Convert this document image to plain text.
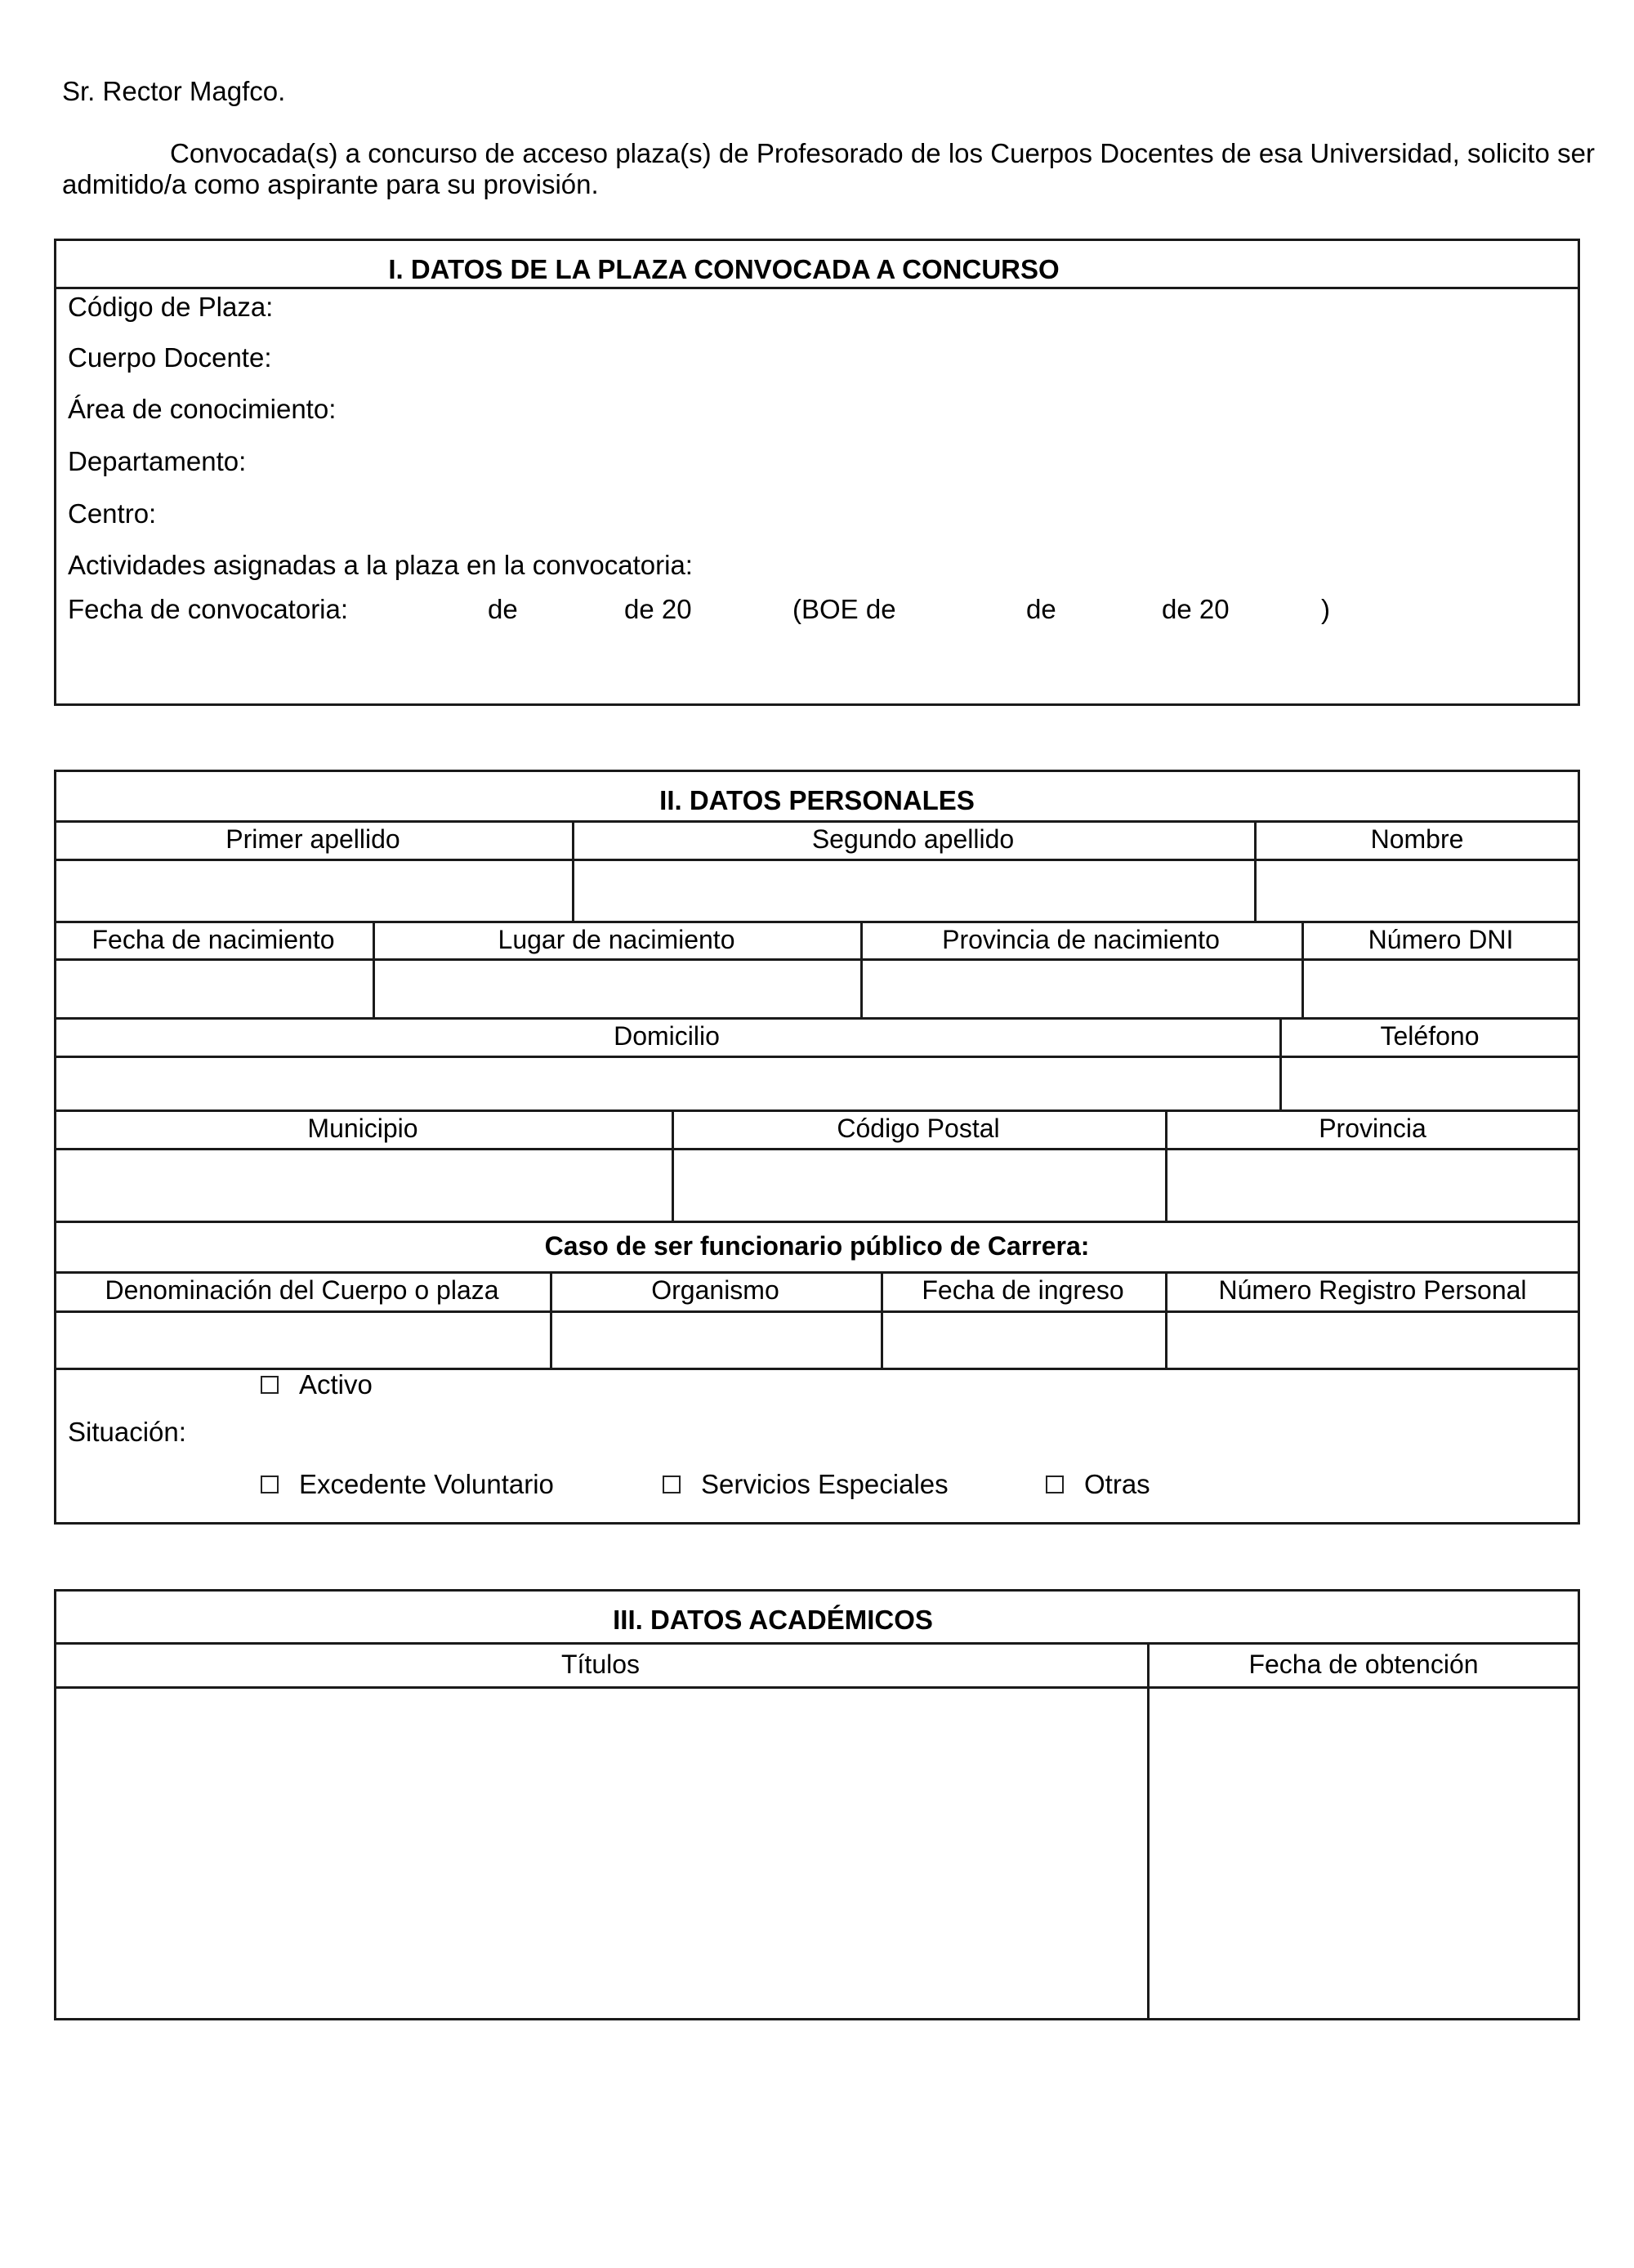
Sr. Rector Magfco.
Convocada(s) a concurso de acceso plaza(s) de Profesorado de los Cuerpos Docentes de esa Universidad, solicito ser admitido/a como aspirante para su provisión.
I. DATOS DE LA PLAZA CONVOCADA A CONCURSO
Código de Plaza:
Cuerpo Docente:
Área de conocimiento:
Departamento:
Centro:
Actividades asignadas a la plaza en la convocatoria:
Fecha de convocatoria:	de	de 20	(BOE de	de	de 20	)
II. DATOS PERSONALES
Primer apellido	Segundo apellido	Nombre
Fecha de nacimiento	Lugar de nacimiento	Provincia de nacimiento	Número DNI
Domicilio	Teléfono
Municipio	Código Postal	Provincia
Caso de ser funcionario público de Carrera:
Denominación del Cuerpo o plaza	Organismo	Fecha de ingreso	Número Registro Personal
Situación:
Activo
Excedente Voluntario	Servicios Especiales	Otras
III. DATOS ACADÉMICOS
Títulos	Fecha de obtención
